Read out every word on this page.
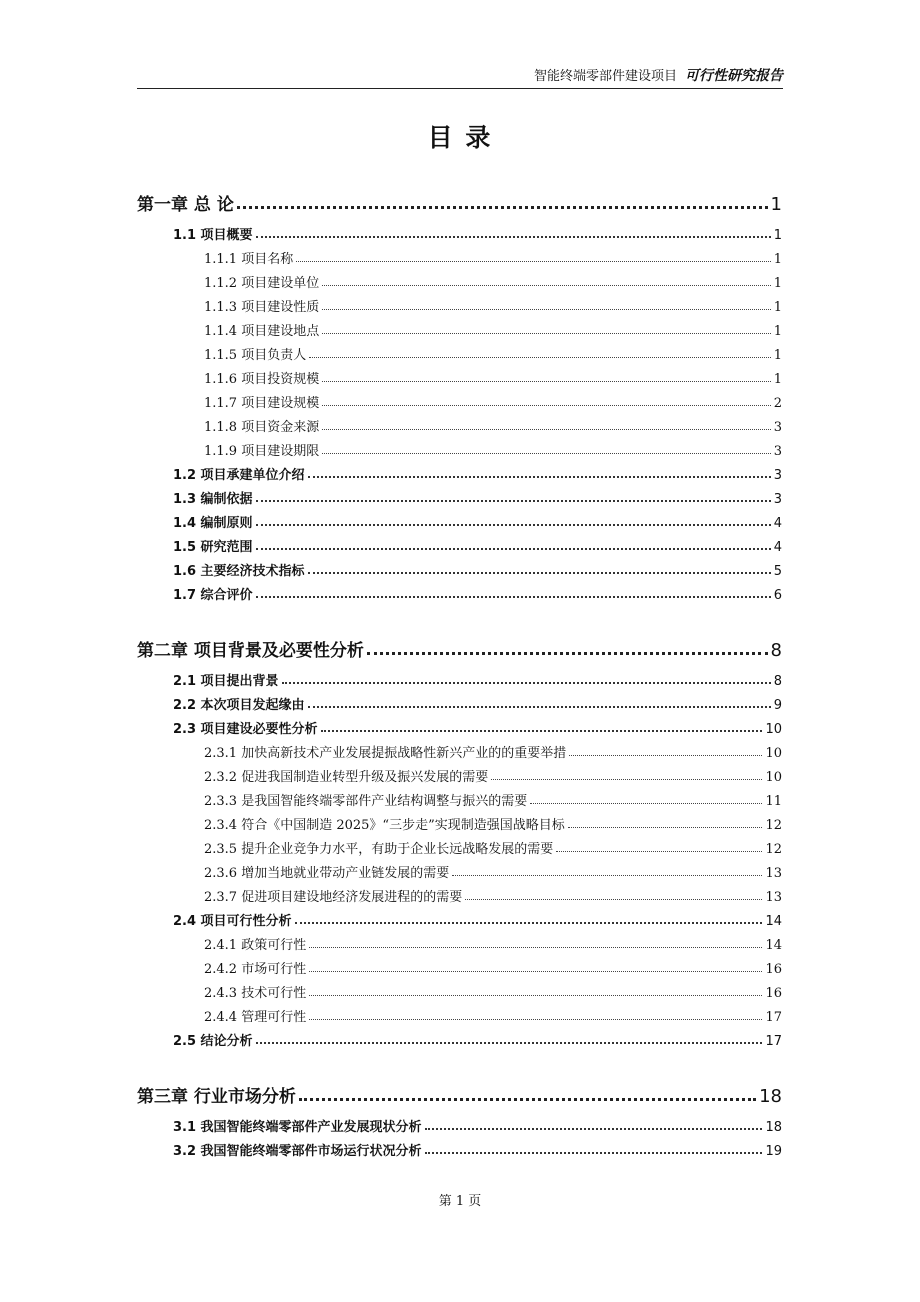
智能终端零部件建设项目 可行性研究报告
目 录
第一章 总 论	1
1.1 项目概要	1
1.1.1 项目名称	1
1.1.2 项目建设单位	1
1.1.3 项目建设性质	1
1.1.4 项目建设地点	1
1.1.5 项目负责人	1
1.1.6 项目投资规模	1
1.1.7 项目建设规模	2
1.1.8 项目资金来源	3
1.1.9 项目建设期限	3
1.2 项目承建单位介绍	3
1.3 编制依据	3
1.4 编制原则	4
1.5 研究范围	4
1.6 主要经济技术指标	5
1.7 综合评价	6
第二章 项目背景及必要性分析	8
2.1 项目提出背景	8
2.2 本次项目发起缘由	9
2.3 项目建设必要性分析	10
2.3.1 加快高新技术产业发展提振战略性新兴产业的的重要举措	10
2.3.2 促进我国制造业转型升级及振兴发展的需要	10
2.3.3 是我国智能终端零部件产业结构调整与振兴的需要	11
2.3.4 符合《中国制造 2025》“三步走”实现制造强国战略目标	12
2.3.5 提升企业竞争力水平，有助于企业长远战略发展的需要	12
2.3.6 增加当地就业带动产业链发展的需要	13
2.3.7 促进项目建设地经济发展进程的的需要	13
2.4 项目可行性分析	14
2.4.1 政策可行性	14
2.4.2 市场可行性	16
2.4.3 技术可行性	16
2.4.4 管理可行性	17
2.5 结论分析	17
第三章 行业市场分析	18
3.1 我国智能终端零部件产业发展现状分析	18
3.2 我国智能终端零部件市场运行状况分析	19
第 1 页
